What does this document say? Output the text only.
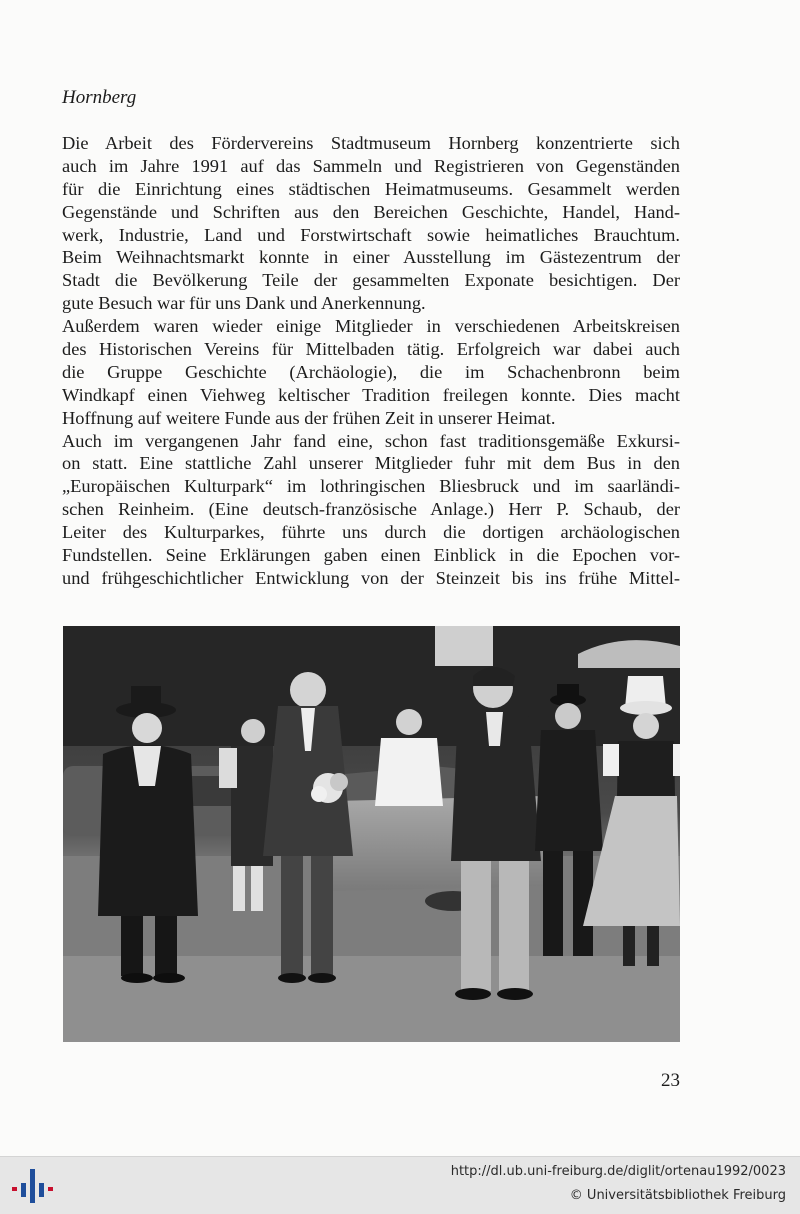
Hornberg
Die Arbeit des Fördervereins Stadtmuseum Hornberg konzentrierte sich
auch im Jahre 1991 auf das Sammeln und Registrieren von Gegenständen
für die Einrichtung eines städtischen Heimatmuseums. Gesammelt werden
Gegenstände und Schriften aus den Bereichen Geschichte, Handel, Hand-
werk, Industrie, Land und Forstwirtschaft sowie heimatliches Brauchtum.
Beim Weihnachtsmarkt konnte in einer Ausstellung im Gästezentrum der
Stadt die Bevölkerung Teile der gesammelten Exponate besichtigen. Der
gute Besuch war für uns Dank und Anerkennung.
Außerdem waren wieder einige Mitglieder in verschiedenen Arbeitskreisen
des Historischen Vereins für Mittelbaden tätig. Erfolgreich war dabei auch
die Gruppe Geschichte (Archäologie), die im Schachenbronn beim
Windkapf einen Viehweg keltischer Tradition freilegen konnte. Dies macht
Hoffnung auf weitere Funde aus der frühen Zeit in unserer Heimat.
Auch im vergangenen Jahr fand eine, schon fast traditionsgemäße Exkursi-
on statt. Eine stattliche Zahl unserer Mitglieder fuhr mit dem Bus in den
„Europäischen Kulturpark“ im lothringischen Bliesbruck und im saarländi-
schen Reinheim. (Eine deutsch-französische Anlage.) Herr P. Schaub, der
Leiter des Kulturparkes, führte uns durch die dortigen archäologischen
Fundstellen. Seine Erklärungen gaben einen Einblick in die Epochen vor-
und frühgeschichtlicher Entwicklung von der Steinzeit bis ins frühe Mittel-
23
http://dl.ub.uni-freiburg.de/diglit/ortenau1992/0023
© Universitätsbibliothek Freiburg
